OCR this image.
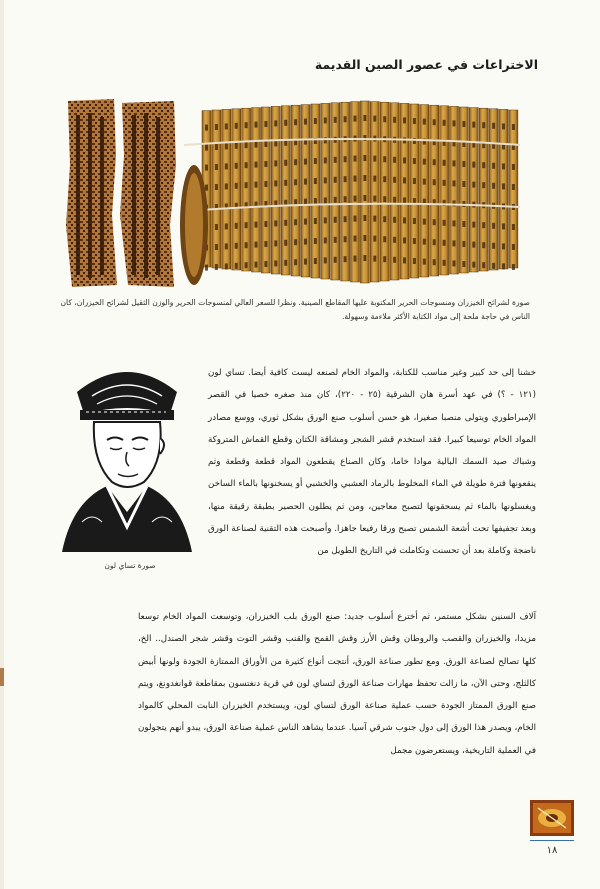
الاختراعات في عصور الصين القديمة
صورة لشرائح الخيزران ومنسوجات الحرير المكتوبة عليها المقاطع الصينية. ونظرا للسعر العالي لمنسوجات الحرير والوزن الثقيل لشرائح الخيزران، كان الناس في حاجة ملحة إلى مواد الكتابة الأكثر ملاءمة وسهولة.
صورة تساي لون

خشنا إلى حد كبير وغير مناسب للكتابة، والمواد الخام لصنعه ليست كافية أيضا. تساي لون (١٢١ - ؟) في عهد أسرة هان الشرقية (٢٥ - ٢٢٠)، كان منذ صغره خصيا في القصر الإمبراطوري ويتولى منصبا صغيرا، هو حسن أسلوب صنع الورق بشكل ثوري، ووسع مصادر المواد الخام توسيعا كبيرا. فقد استخدم قشر الشجر ومشاقة الكتان وقطع القماش المتروكة وشباك صيد السمك البالية موادا خاما، وكان الصناع يقطعون المواد قطعة وقطعة وثم ينقعونها فترة طويلة في الماء المخلوط بالرماد العشبي والخشبي أو يسخنونها بالماء الساخن ويغسلونها بالماء ثم يسحقونها لتصبح معاجين، ومن ثم يطلون الحصير بطبقة رقيقة منها، وبعد تجفيفها تحت أشعة الشمس تصبح ورقا رفيعا جاهزا. وأصبحت هذه التقنية لصناعة الورق ناضجة وكاملة بعد أن تحسنت وتكاملت في التاريخ الطويل من

آلاف السنين بشكل مستمر، ثم أخترع أسلوب جديد: صنع الورق بلب الخيزران، وتوسعت المواد الخام توسعا مزيدا، والخيزران والقصب والروطان وقش الأرز وقش القمح والقنب وقشر التوت وقشر شجر الصندل.. الخ، كلها تصالح لصناعة الورق. ومع تطور صناعة الورق، أنتجت أنواع كثيرة من الأوراق الممتازة الجودة ولونها أبيض كالثلج، وحتى الآن، ما زالت تحفظ مهارات صناعة الورق لتساي لون في قرية دنغتسون بمقاطعة قوانغدونغ، ويتم صنع الورق الممتاز الجودة حسب عملية صناعة الورق لتساي لون، ويستخدم الخيزران النابت المحلي كالمواد الخام، ويصدر هذا الورق إلى دول جنوب شرقي آسيا. عندما يشاهد الناس عملية صناعة الورق، يبدو أنهم يتجولون في العملية التاريخية، ويستعرضون مجمل

١٨
